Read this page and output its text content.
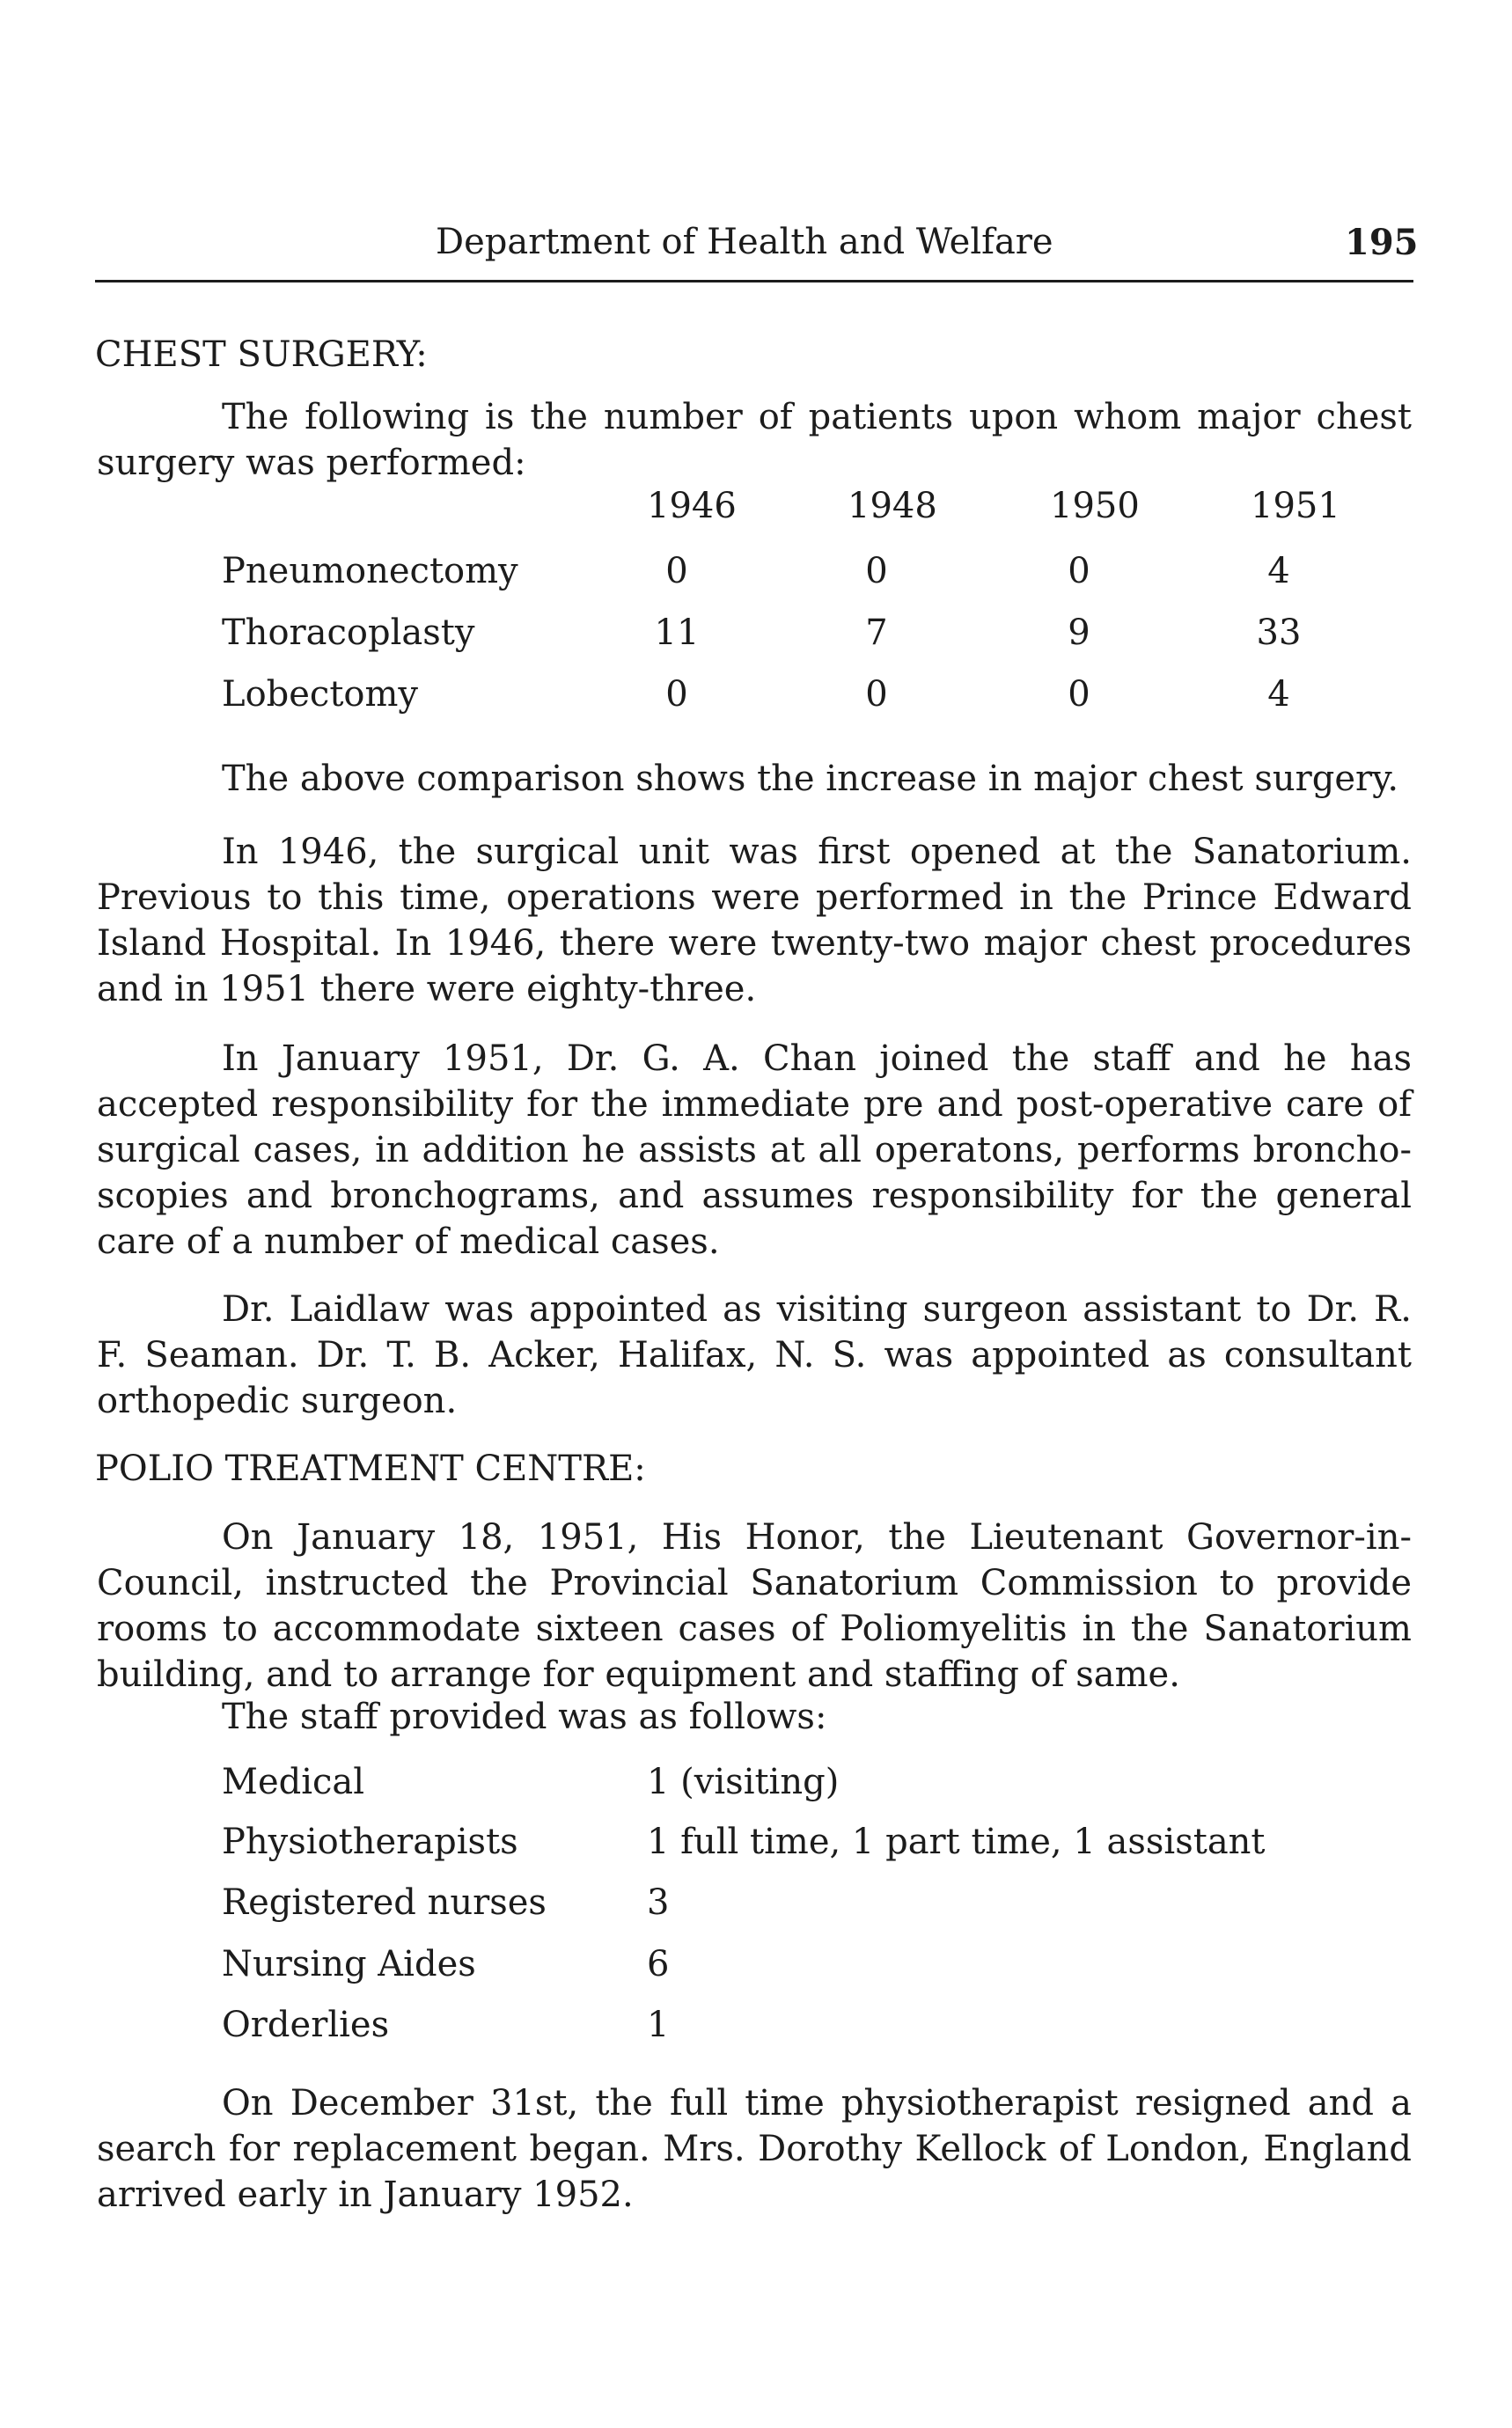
Department of Health and Welfare	195
CHEST SURGERY:

The following is the number of patients upon whom major chest surgery was performed:

1946	1948	1950	1951
Pneumonectomy	0	0	0	4
Thoracoplasty	11	7	9	33
Lobectomy	0	0	0	4
The above comparison shows the increase in major chest surgery.

In 1946, the surgical unit was first opened at the Sanatorium. Previous to this time, operations were performed in the Prince Edward Island Hospital. In 1946, there were twenty-two major chest procedures and in 1951 there were eighty-three.

In January 1951, Dr. G. A. Chan joined the staff and he has accepted responsibility for the immediate pre and post-operative care of surgical cases, in addition he assists at all operatons, performs broncho-scopies and bronchograms, and assumes responsibility for the general care of a number of medical cases.

Dr. Laidlaw was appointed as visiting surgeon assistant to Dr. R. F. Seaman. Dr. T. B. Acker, Halifax, N. S. was appointed as consultant orthopedic surgeon.

POLIO TREATMENT CENTRE:

On January 18, 1951, His Honor, the Lieutenant Governor-in-Council, instructed the Provincial Sanatorium Commission to provide rooms to accommodate sixteen cases of Poliomyelitis in the Sanatorium building, and to arrange for equipment and staffing of same.

The staff provided was as follows:
Medical	1 (visiting)
Physiotherapists	1 full time, 1 part time, 1 assistant
Registered nurses	3
Nursing Aides	6
Orderlies	1

On December 31st, the full time physiotherapist resigned and a search for replacement began. Mrs. Dorothy Kellock of London, England arrived early in January 1952.
